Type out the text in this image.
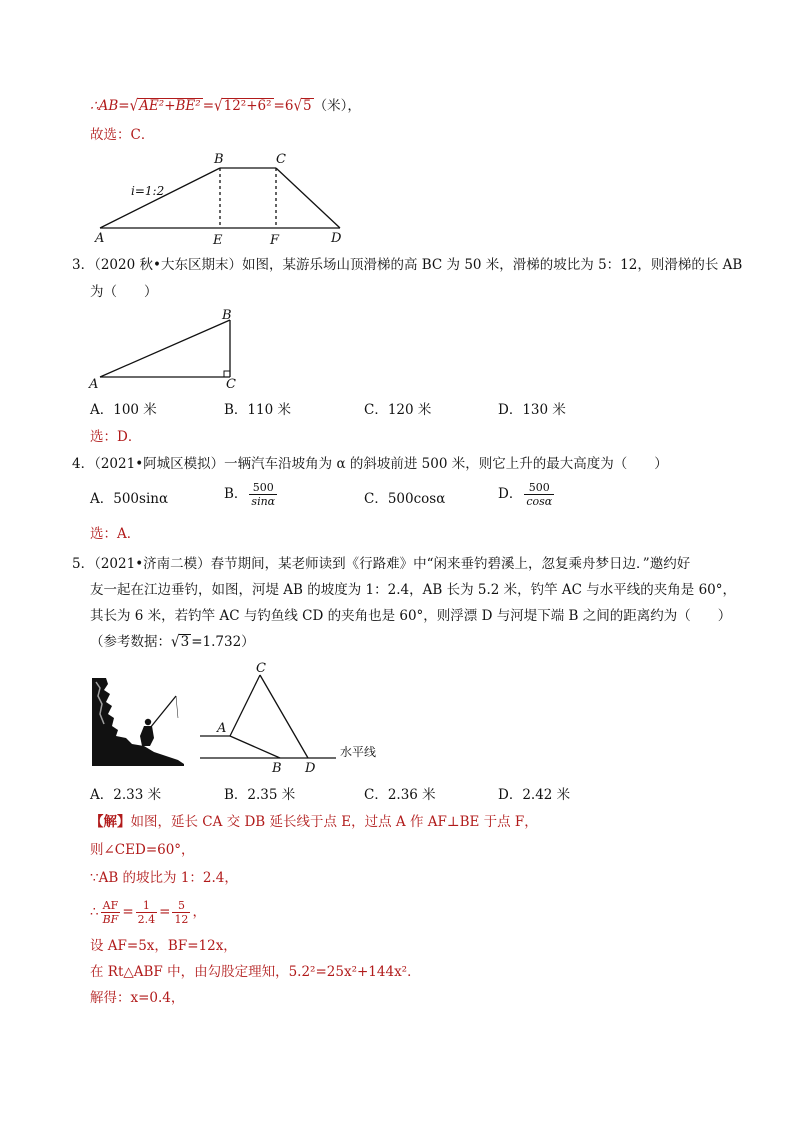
∴AB=√AE²+BE² =√12²+6² =6√5 （米），
故选：C．
A
B	C
D
E	F
i=1:2
3．（2020 秋•大东区期末）如图，某游乐场山顶滑梯的高 BC 为 50 米，滑梯的坡比为 5：12，则滑梯的长 AB
为（　　）
A
B
C
A．100 米	B．110 米	C．120 米	D．130 米
选：D．
4．（2021•阿城区模拟）一辆汽车沿坡角为 α 的斜坡前进 500 米，则它上升的最大高度为（　　）
A．500sinα	B． $\frac{500}{\sin\alpha}$	C．500cosα	D． $\frac{500}{\cos\alpha}$
选：A．
5．（2021•济南二模）春节期间，某老师读到《行路难》中“闲来垂钓碧溪上，忽复乘舟梦日边．”邀约好
友一起在江边垂钓，如图，河堤 AB 的坡度为 1：2.4，AB 长为 5.2 米，钓竿 AC 与水平线的夹角是 60°，
其长为 6 米，若钓竿 AC 与钓鱼线 CD 的夹角也是 60°，则浮漂 D 与河堤下端 B 之间的距离约为（　　）
（参考数据：√3 =1.732）
C
A
B D
水平线
A．2.33 米	B．2.35 米	C．2.36 米	D．2.42 米
【解】如图，延长 CA 交 DB 延长线于点 E，过点 A 作 AF⊥BE 于点 F，
则∠CED=60°，
∵AB 的坡比为 1：2.4，
∴ $\frac{AF}{BF} = \frac{1}{2.4} = \frac{5}{12}$ ，
设 AF=5x，BF=12x，
在 Rt△ABF 中，由勾股定理知，5.2²=25x²+144x²．
解得：x=0.4，
